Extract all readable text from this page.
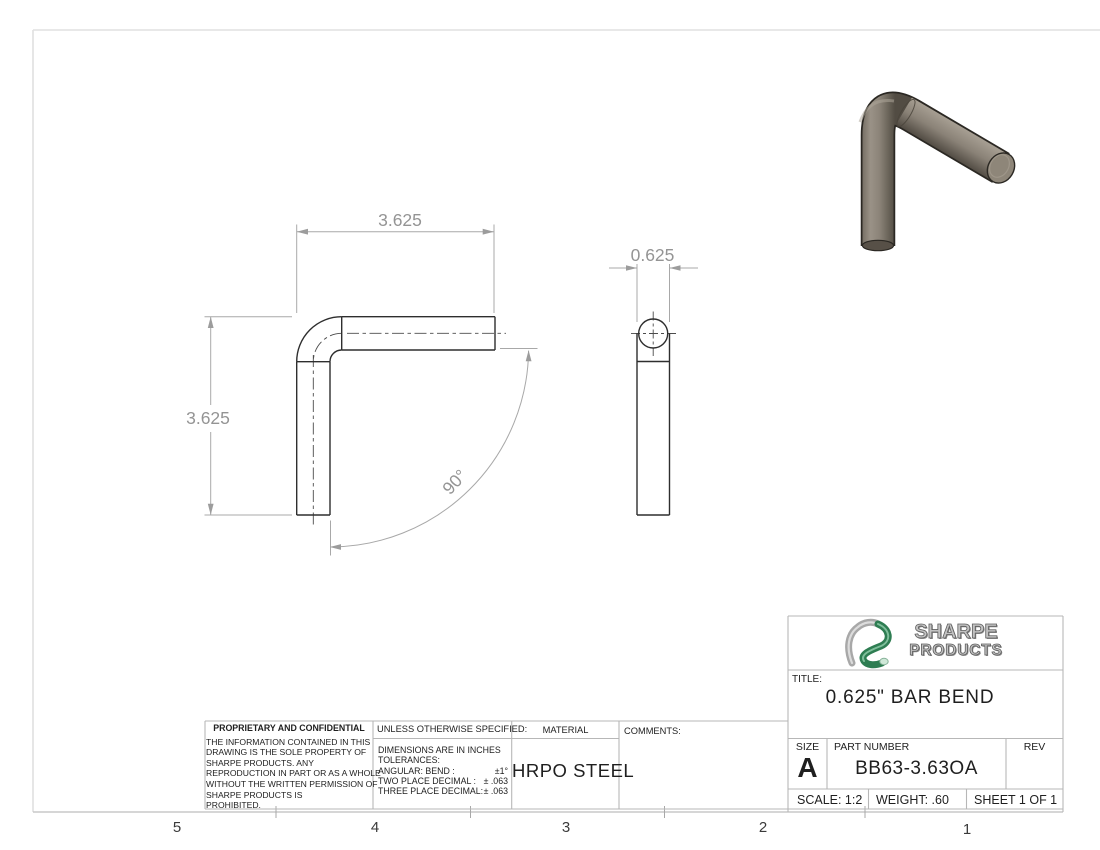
3.625
3.625
90°
0.625
5	4	3	2	1
PROPRIETARY AND CONFIDENTIAL
THE INFORMATION CONTAINED IN THIS
DRAWING IS THE SOLE PROPERTY OF
SHARPE PRODUCTS. ANY
REPRODUCTION IN PART OR AS A WHOLE
WITHOUT THE WRITTEN PERMISSION OF
SHARPE PRODUCTS IS
PROHIBITED.
UNLESS OTHERWISE SPECIFIED:
DIMENSIONS ARE IN INCHES
TOLERANCES:
ANGULAR: BEND :	±1°
TWO PLACE DECIMAL : ± .063
THREE PLACE DECIMAL: ± .063
MATERIAL
HRPO STEEL
COMMENTS:
SHARPE
PRODUCTS
TITLE:
0.625" BAR BEND
SIZE
A
PART NUMBER
BB63-3.63OA
REV
SCALE: 1:2 WEIGHT: .60 SHEET 1 OF 1
